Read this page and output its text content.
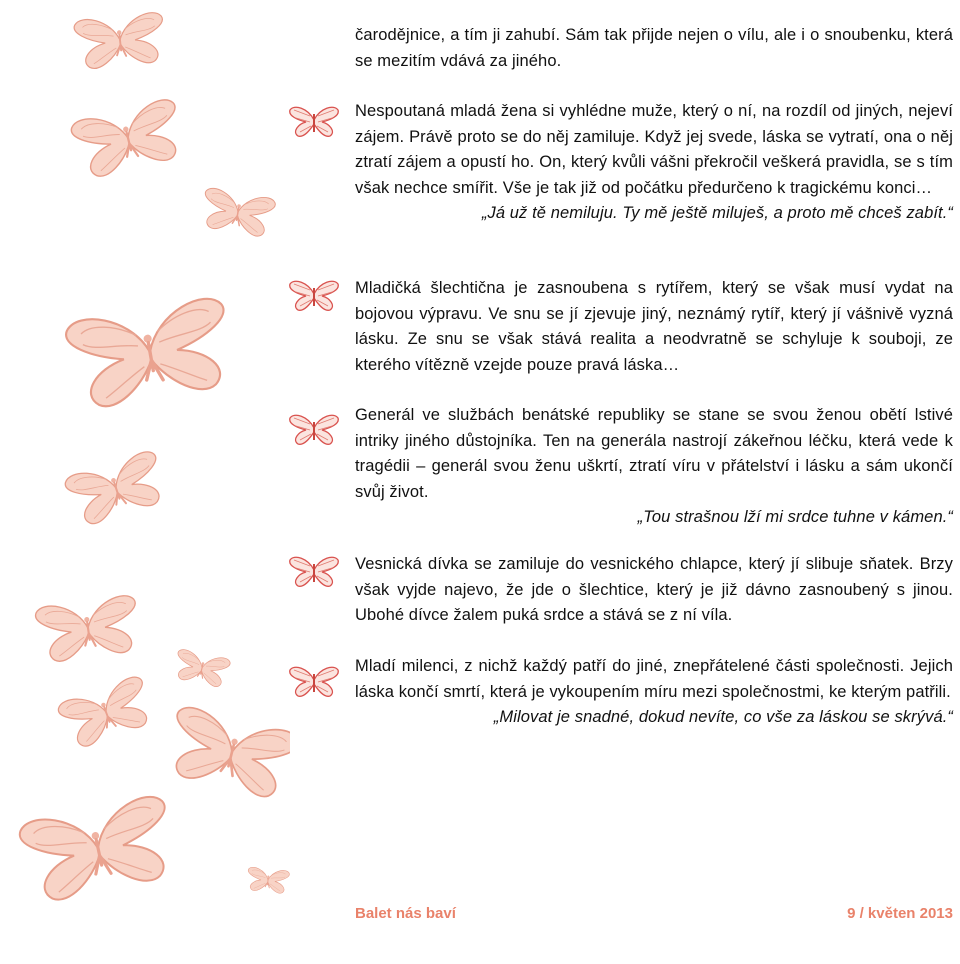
čarodějnice, a tím ji zahubí. Sám tak přijde nejen o vílu, ale i o snoubenku, která se mezitím vdává za jiného.

Nespoutaná mladá žena si vyhlédne muže, který o ní, na rozdíl od jiných, nejeví zájem. Právě proto se do něj zamiluje. Když jej svede, láska se vytratí, ona o něj ztratí zájem a opustí ho. On, který kvůli vášni překročil veškerá pravidla, se s tím však nechce smířit. Vše je tak již od počátku předurčeno k tragickému konci…

„Já už tě nemiluju. Ty mě ještě miluješ, a proto mě chceš zabít.“

Mladičká šlechtična je zasnoubena s rytířem, který se však musí vydat na bojovou výpravu. Ve snu se jí zjevuje jiný, neznámý rytíř, který jí vášnivě vyzná lásku. Ze snu se však stává realita a neodvratně se schyluje k souboji, ze kterého vítězně vzejde pouze pravá láska…

Generál ve službách benátské republiky se stane se svou ženou obětí lstivé intriky jiného důstojníka. Ten na generála nastrojí zákeřnou léčku, která vede k tragédii – generál svou ženu uškrtí, ztratí víru v přátelství i lásku a sám ukončí svůj život.

„Tou strašnou lží mi srdce tuhne v kámen.“

Vesnická dívka se zamiluje do vesnického chlapce, který jí slibuje sňatek. Brzy však vyjde najevo, že jde o šlechtice, který je již dávno zasnoubený s jinou. Ubohé dívce žalem puká srdce a stává se z ní víla.

Mladí milenci, z nichž každý patří do jiné, znepřátelené části společnosti. Jejich láska končí smrtí, která je vykoupením míru mezi společnostmi, ke kterým patřili.

„Milovat je snadné, dokud nevíte, co vše za láskou se skrývá.“

Balet nás baví	9 / květen 2013
